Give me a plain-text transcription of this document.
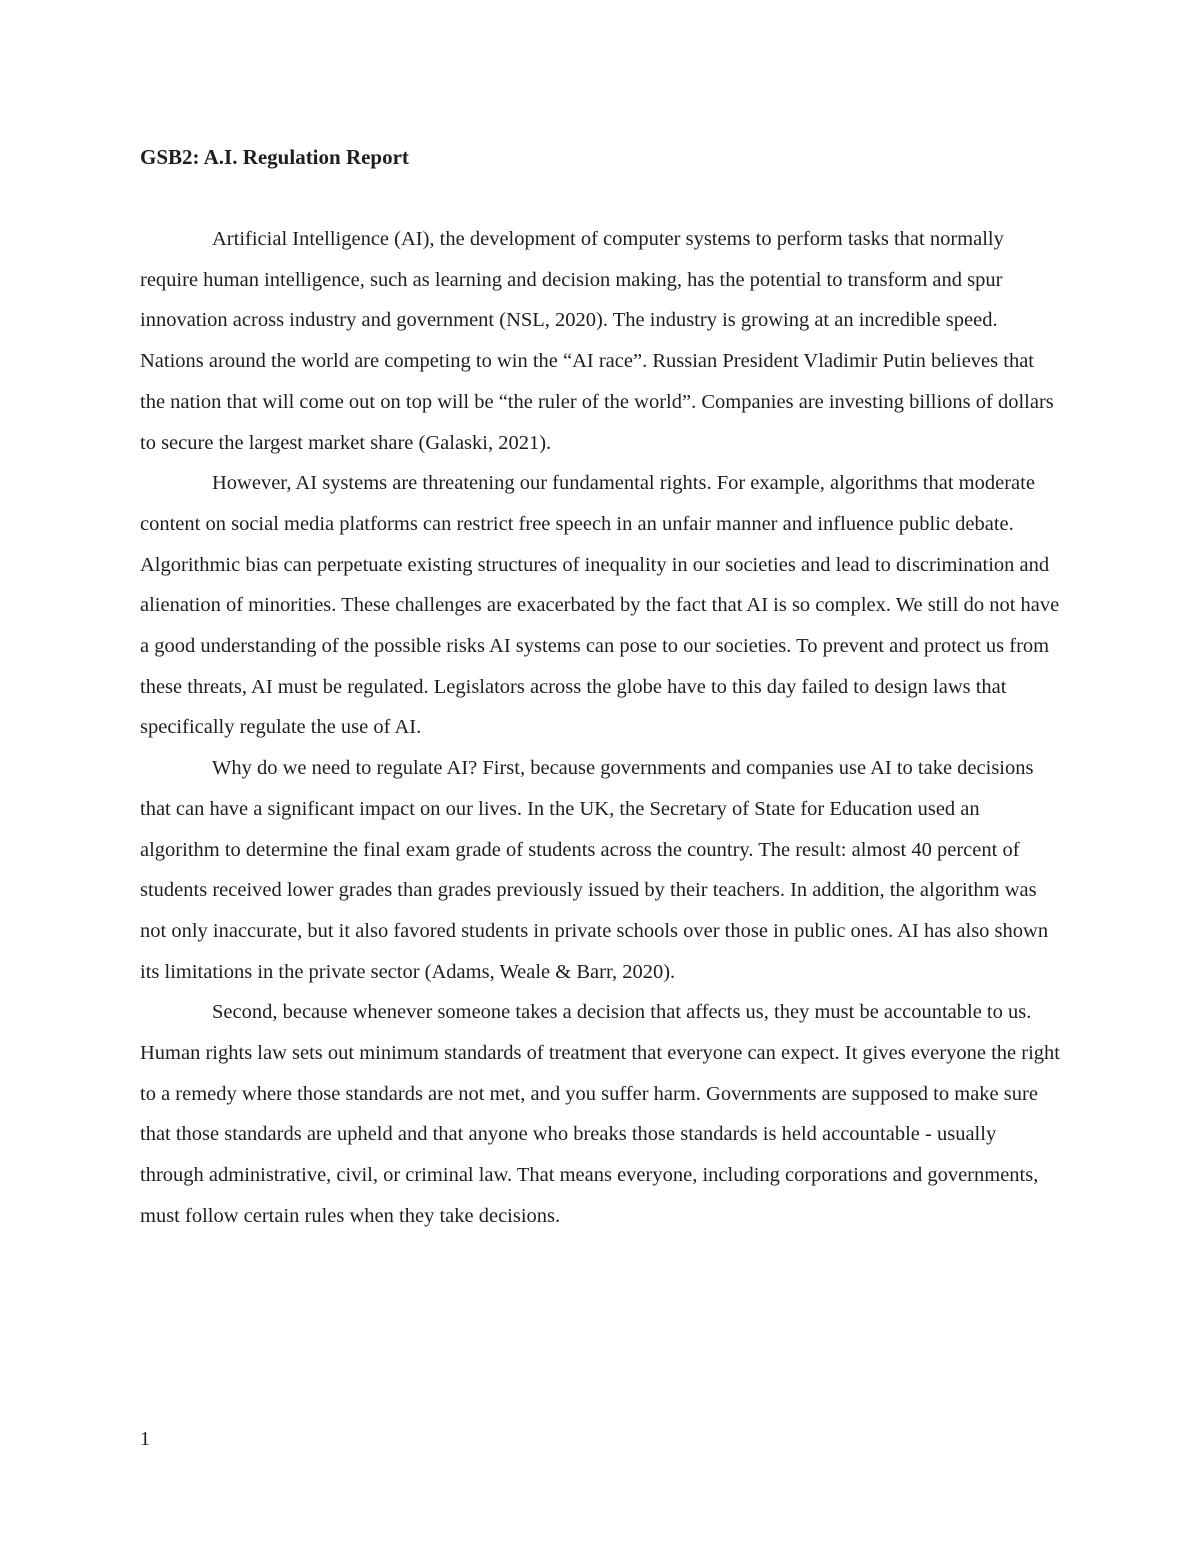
GSB2: A.I. Regulation Report

Artificial Intelligence (AI), the development of computer systems to perform tasks that normally require human intelligence, such as learning and decision making, has the potential to transform and spur innovation across industry and government (NSL, 2020). The industry is growing at an incredible speed. Nations around the world are competing to win the “AI race”. Russian President Vladimir Putin believes that the nation that will come out on top will be “the ruler of the world”. Companies are investing billions of dollars to secure the largest market share (Galaski, 2021).

However, AI systems are threatening our fundamental rights. For example, algorithms that moderate content on social media platforms can restrict free speech in an unfair manner and influence public debate. Algorithmic bias can perpetuate existing structures of inequality in our societies and lead to discrimination and alienation of minorities. These challenges are exacerbated by the fact that AI is so complex. We still do not have a good understanding of the possible risks AI systems can pose to our societies. To prevent and protect us from these threats, AI must be regulated. Legislators across the globe have to this day failed to design laws that specifically regulate the use of AI.

Why do we need to regulate AI? First, because governments and companies use AI to take decisions that can have a significant impact on our lives. In the UK, the Secretary of State for Education used an algorithm to determine the final exam grade of students across the country. The result: almost 40 percent of students received lower grades than grades previously issued by their teachers. In addition, the algorithm was not only inaccurate, but it also favored students in private schools over those in public ones. AI has also shown its limitations in the private sector (Adams, Weale & Barr, 2020).

Second, because whenever someone takes a decision that affects us, they must be accountable to us. Human rights law sets out minimum standards of treatment that everyone can expect. It gives everyone the right to a remedy where those standards are not met, and you suffer harm. Governments are supposed to make sure that those standards are upheld and that anyone who breaks those standards is held accountable - usually through administrative, civil, or criminal law. That means everyone, including corporations and governments, must follow certain rules when they take decisions.

1
